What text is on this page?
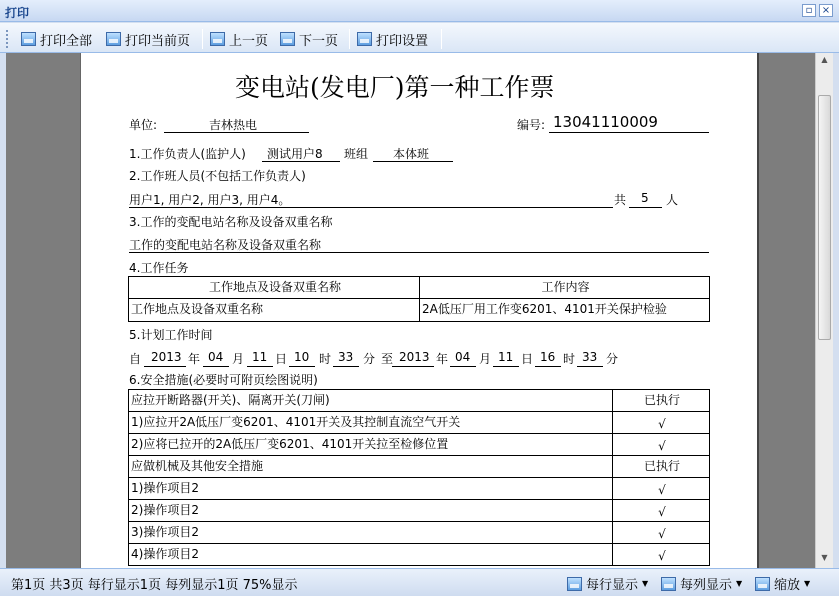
打印	▫ ×
打印全部	打印当前页	上一页 下一页	打印设置
变电站(发电厂)第一种工作票
单位:	吉林热电	编号: 13041110009
1.工作负责人(监护人) 测试用户8 班组 本体班
2.工作班人员(不包括工作负责人)
用户1, 用户2, 用户3, 用户4。	共 5 人
3.工作的变配电站名称及设备双重名称
工作的变配电站名称及设备双重名称
4.工作任务
工作地点及设备双重名称	工作内容
工作地点及设备双重名称	2A低压厂用工作变6201、4101开关保护检验
5.计划工作时间
自 2013 年 04 月 11 日 10 时 33 分 至 2013 年 04 月 11 日 16 时 33 分
6.安全措施(必要时可附页绘图说明)
应拉开断路器(开关)、隔离开关(刀闸)	已执行
1)应拉开2A低压厂变6201、4101开关及其控制直流空气开关	√
2)应将已拉开的2A低压厂变6201、4101开关拉至检修位置	√
应做机械及其他安全措施	已执行
1)操作项目2	√
2)操作项目2	√
3)操作项目2	√
4)操作项目2	√
▲
▼
第1页 共3页 每行显示1页 每列显示1页 75%显示	每行显示 ▼ 每列显示 ▼ 缩放 ▼
